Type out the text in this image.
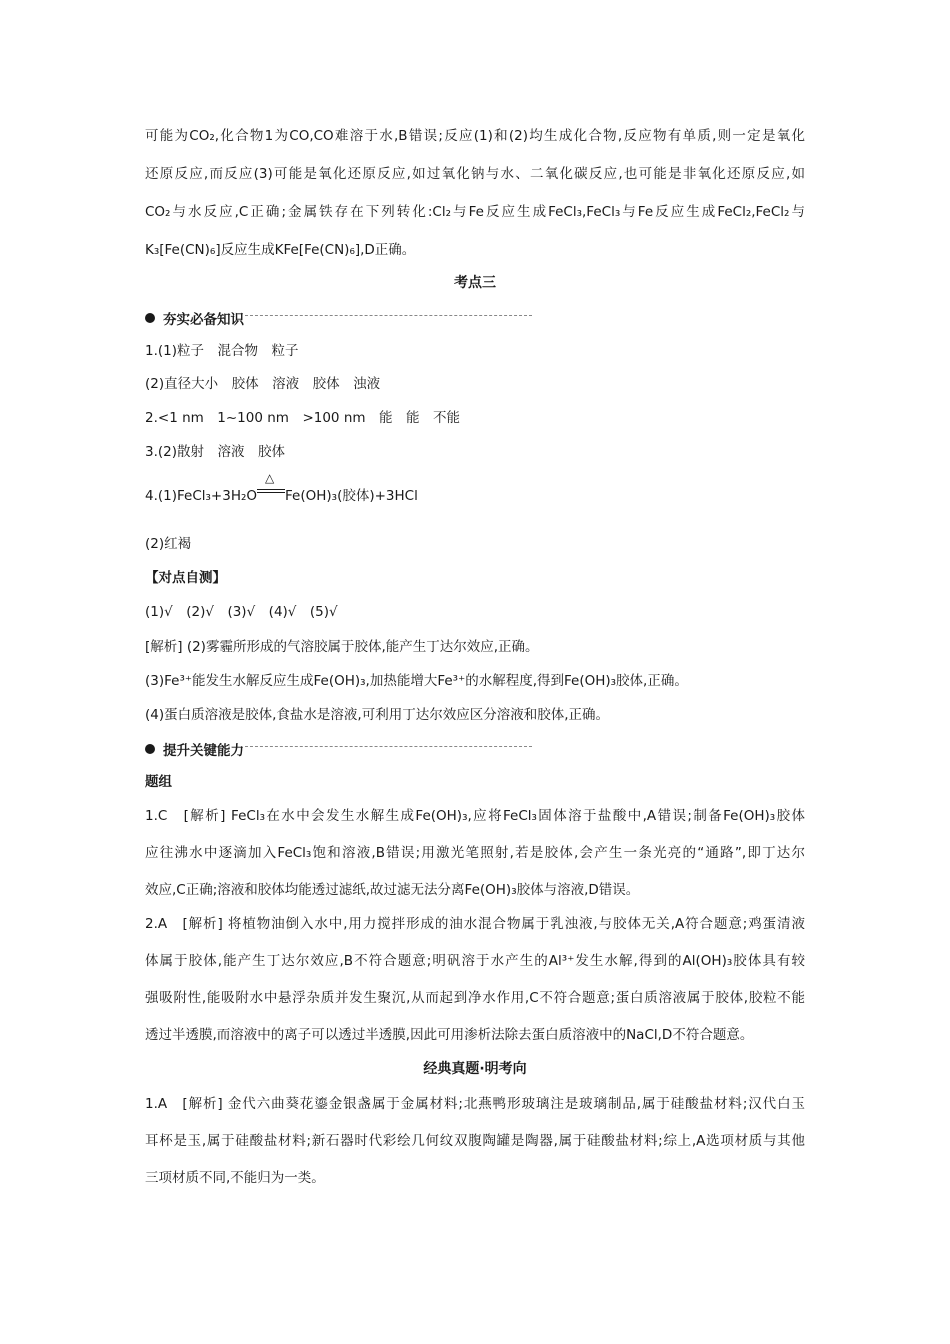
可能为CO₂,化合物1为CO,CO难溶于水,B错误;反应(1)和(2)均生成化合物,反应物有单质,则一定是氧化
还原反应,而反应(3)可能是氧化还原反应,如过氧化钠与水、二氧化碳反应,也可能是非氧化还原反应,如
CO₂与水反应,C正确;金属铁存在下列转化:Cl₂与Fe反应生成FeCl₃,FeCl₃与Fe反应生成FeCl₂,FeCl₂与
K₃[Fe(CN)₆]反应生成KFe[Fe(CN)₆],D正确。
考点三
夯实必备知识
1.(1)粒子　混合物　粒子
(2)直径大小　胶体　溶液　胶体　浊液
2.<1 nm　1~100 nm　>100 nm　能　能　不能
3.(2)散射　溶液　胶体
4.(1)FeCl₃+3H₂O
△
Fe(OH)₃(胶体)+3HCl
(2)红褐
【对点自测】
(1)√　(2)√　(3)√　(4)√　(5)√
[解析] (2)雾霾所形成的气溶胶属于胶体,能产生丁达尔效应,正确。
(3)Fe³⁺能发生水解反应生成Fe(OH)₃,加热能增大Fe³⁺的水解程度,得到Fe(OH)₃胶体,正确。
(4)蛋白质溶液是胶体,食盐水是溶液,可利用丁达尔效应区分溶液和胶体,正确。
提升关键能力
题组
1.C　[解析] FeCl₃在水中会发生水解生成Fe(OH)₃,应将FeCl₃固体溶于盐酸中,A错误;制备Fe(OH)₃胶体
应往沸水中逐滴加入FeCl₃饱和溶液,B错误;用激光笔照射,若是胶体,会产生一条光亮的“通路”,即丁达尔
效应,C正确;溶液和胶体均能透过滤纸,故过滤无法分离Fe(OH)₃胶体与溶液,D错误。
2.A　[解析] 将植物油倒入水中,用力搅拌形成的油水混合物属于乳浊液,与胶体无关,A符合题意;鸡蛋清液
体属于胶体,能产生丁达尔效应,B不符合题意;明矾溶于水产生的Al³⁺发生水解,得到的Al(OH)₃胶体具有较
强吸附性,能吸附水中悬浮杂质并发生聚沉,从而起到净水作用,C不符合题意;蛋白质溶液属于胶体,胶粒不能
透过半透膜,而溶液中的离子可以透过半透膜,因此可用渗析法除去蛋白质溶液中的NaCl,D不符合题意。
经典真题·明考向
1.A　[解析] 金代六曲葵花鎏金银盏属于金属材料;北燕鸭形玻璃注是玻璃制品,属于硅酸盐材料;汉代白玉
耳杯是玉,属于硅酸盐材料;新石器时代彩绘几何纹双腹陶罐是陶器,属于硅酸盐材料;综上,A选项材质与其他
三项材质不同,不能归为一类。
